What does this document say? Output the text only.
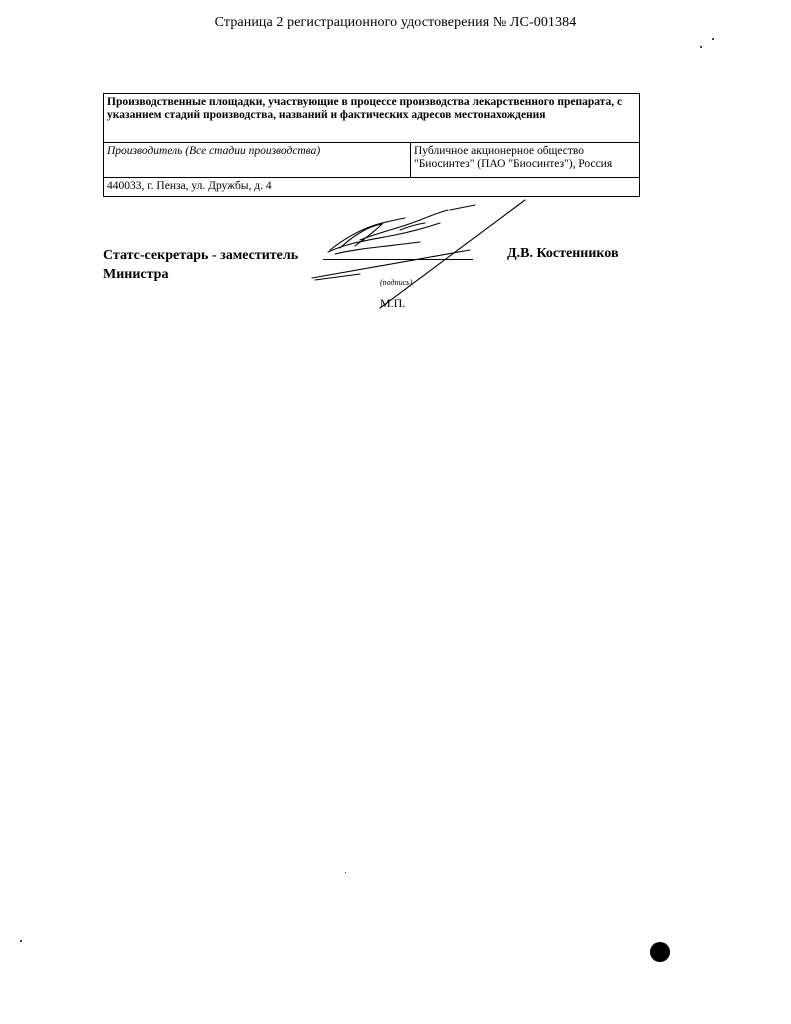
Страница 2 регистрационного удостоверения № ЛС-001384
Производственные площадки, участвующие в процессе производства лекарственного препарата, с указанием стадий производства, названий и фактических адресов местонахождения
Производитель (Все стадии производства)	Публичное акционерное общество "Биосинтез" (ПАО "Биосинтез"), Россия
440033, г. Пенза, ул. Дружбы, д. 4
Статс-секретарь - заместитель Министра
(подпись)
М.П.
Д.В. Костенников
